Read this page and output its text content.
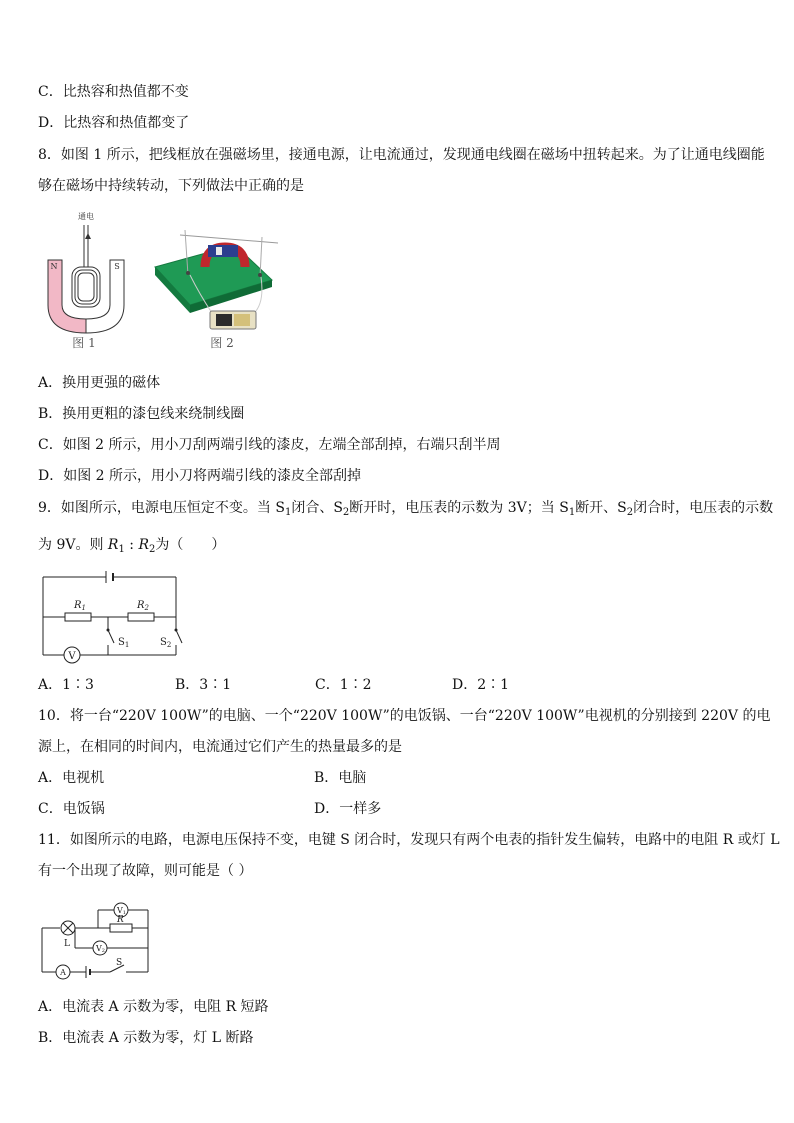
C．比热容和热值都不变
D．比热容和热值都变了
8．如图 1 所示，把线框放在强磁场里，接通电源，让电流通过，发现通电线圈在磁场中扭转起来。为了让通电线圈能
够在磁场中持续转动，下列做法中正确的是
N	S
通电
图 1	图 2
A．换用更强的磁体
B．换用更粗的漆包线来绕制线圈
C．如图 2 所示，用小刀刮两端引线的漆皮，左端全部刮掉，右端只刮半周
D．如图 2 所示，用小刀将两端引线的漆皮全部刮掉
9．如图所示，电源电压恒定不变。当 $S_1$闭合、$S_2$断开时，电压表的示数为 3V；当 $S_1$断开、$S_2$闭合时，电压表的示数
为 9V。则 $R_1$ : $R_2$为（　　）
$R_1$	$R_2$
$S_1$	$S_2$
V
A．1∶3	B．3∶1	C．1∶2	D．2∶1
10．将一台“220V 100W”的电脑、一个“220V 100W”的电饭锅、一台“220V 100W”电视机的分别接到 220V 的电
源上，在相同的时间内，电流通过它们产生的热量最多的是
A．电视机	B．电脑
C．电饭锅	D．一样多
11．如图所示的电路，电源电压保持不变，电键 S 闭合时，发现只有两个电表的指针发生偏转，电路中的电阻 R 或灯 L
有一个出现了故障，则可能是（ ）
L
R
V1
V2
A
S
A．电流表 A 示数为零，电阻 R 短路
B．电流表 A 示数为零，灯 L 断路
